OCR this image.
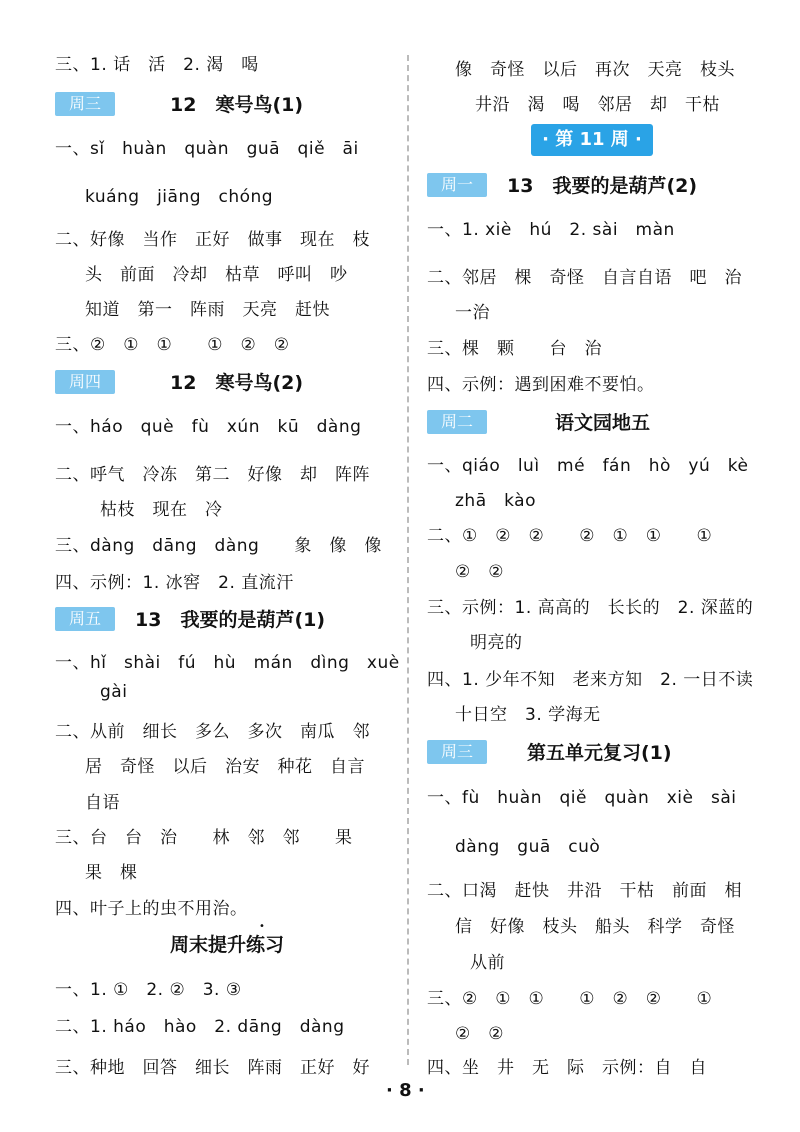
三、1. 话　活　2. 渴　喝
周三	12　寒号鸟(1)
一、sǐ　huàn　quàn　guā　qiě　āi
kuáng　jiāng　chóng
二、好像　当作　正好　做事　现在　枝
头　前面　冷却　枯草　呼叫　吵
知道　第一　阵雨　天亮　赶快
三、②　①　①　　①　②　②
周四	12　寒号鸟(2)
一、háo　què　fù　xún　kū　dàng
二、呼气　冷冻　第二　好像　却　阵阵
枯枝　现在　冷
三、dàng　dāng　dàng　　象　像　像
四、示例：1. 冰窖　2. 直流汗
周五	13　我要的是葫芦(1)
一、hǐ　shài　fú　hù　mán　dìng　xuè
gài
二、从前　细长　多么　多次　南瓜　邻
居　奇怪　以后　治安　种花　自言
自语
三、台　台　治　　林　邻　邻　　果
果　棵
四、叶子上的虫不用治。
•
周末提升练习
一、1. ①　2. ②　3. ③
二、1. háo　hào　2. dāng　dàng
三、种地　回答　细长　阵雨　正好　好
像　奇怪　以后　再次　天亮　枝头
井沿　渴　喝　邻居　却　干枯
· 第 11 周 ·
周一	13　我要的是葫芦(2)
一、1. xiè　hú　2. sài　màn
二、邻居　棵　奇怪　自言自语　吧　治
一治
三、棵　颗　　台　治
四、示例：遇到困难不要怕。
周二	语文园地五
一、qiáo　luì　mé　fán　hò　yú　kè
zhā　kào
二、①　②　②　　②　①　①　　①
②　②
三、示例：1. 高高的　长长的　2. 深蓝的
明亮的
四、1. 少年不知　老来方知　2. 一日不读
十日空　3. 学海无
周三	第五单元复习(1)
一、fù　huàn　qiě　quàn　xiè　sài
dàng　guā　cuò
二、口渴　赶快　井沿　干枯　前面　相
信　好像　枝头　船头　科学　奇怪
从前
三、②　①　①　　①　②　②　　①
②　②
四、坐　井　无　际　示例：自　自
· 8 ·
